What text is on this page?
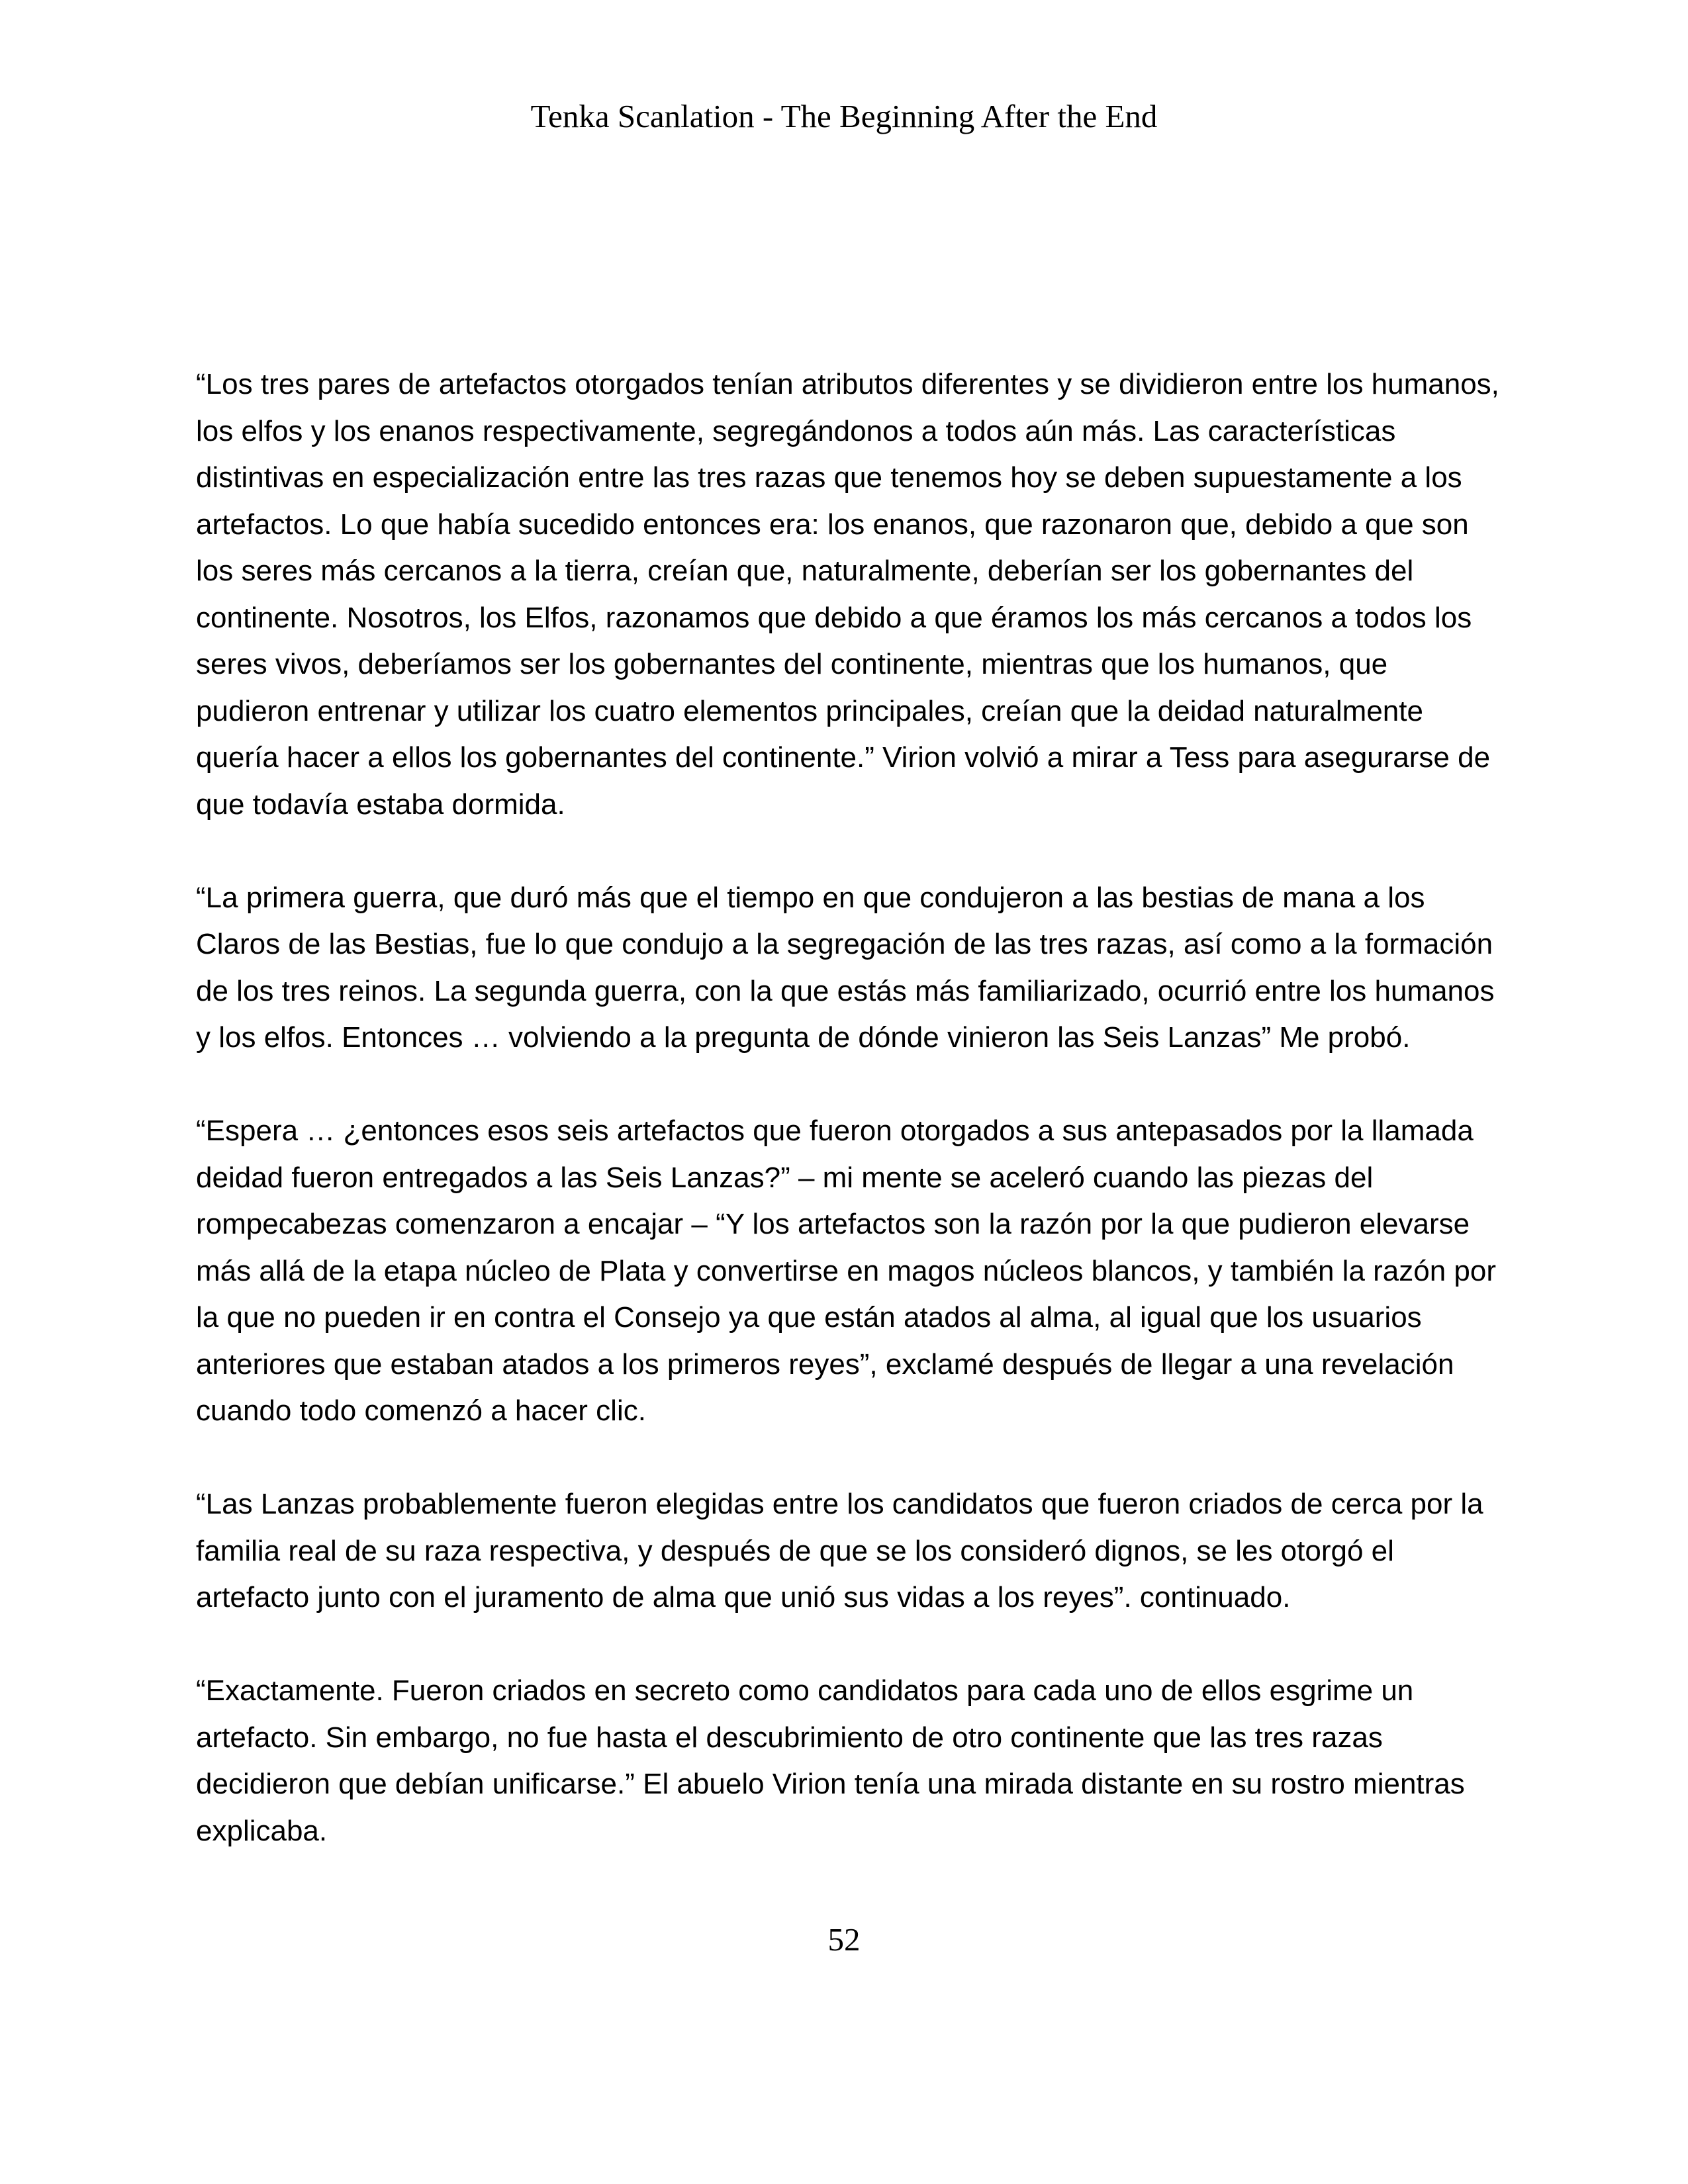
Tenka Scanlation - The Beginning After the End

“Los tres pares de artefactos otorgados tenían atributos diferentes y se dividieron entre los humanos, los elfos y los enanos respectivamente, segregándonos a todos aún más. Las características distintivas en especialización entre las tres razas que tenemos hoy se deben supuestamente a los artefactos. Lo que había sucedido entonces era: los enanos, que razonaron que, debido a que son los seres más cercanos a la tierra, creían que, naturalmente, deberían ser los gobernantes del continente. Nosotros, los Elfos, razonamos que debido a que éramos los más cercanos a todos los seres vivos, deberíamos ser los gobernantes del continente, mientras que los humanos, que pudieron entrenar y utilizar los cuatro elementos principales, creían que la deidad naturalmente quería hacer a ellos los gobernantes del continente.” Virion volvió a mirar a Tess para asegurarse de que todavía estaba dormida.

“La primera guerra, que duró más que el tiempo en que condujeron a las bestias de mana a los Claros de las Bestias, fue lo que condujo a la segregación de las tres razas, así como a la formación de los tres reinos. La segunda guerra, con la que estás más familiarizado, ocurrió entre los humanos y los elfos. Entonces … volviendo a la pregunta de dónde vinieron las Seis Lanzas” Me probó.

“Espera … ¿entonces esos seis artefactos que fueron otorgados a sus antepasados por la llamada deidad fueron entregados a las Seis Lanzas?” – mi mente se aceleró cuando las piezas del rompecabezas comenzaron a encajar – “Y los artefactos son la razón por la que pudieron elevarse más allá de la etapa núcleo de Plata y convertirse en magos núcleos blancos, y también la razón por la que no pueden ir en contra el Consejo ya que están atados al alma, al igual que los usuarios anteriores que estaban atados a los primeros reyes”, exclamé después de llegar a una revelación cuando todo comenzó a hacer clic.

“Las Lanzas probablemente fueron elegidas entre los candidatos que fueron criados de cerca por la familia real de su raza respectiva, y después de que se los consideró dignos, se les otorgó el artefacto junto con el juramento de alma que unió sus vidas a los reyes”. continuado.

“Exactamente. Fueron criados en secreto como candidatos para cada uno de ellos esgrime un artefacto. Sin embargo, no fue hasta el descubrimiento de otro continente que las tres razas decidieron que debían unificarse.” El abuelo Virion tenía una mirada distante en su rostro mientras explicaba.

52
